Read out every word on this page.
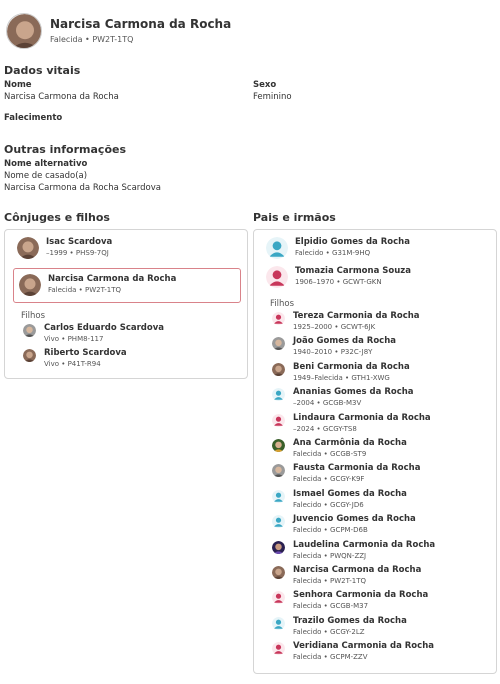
Narcisa Carmona da Rocha
Falecida • PW2T-1TQ
Dados vitais
Nome
Narcisa Carmona da Rocha
Sexo
Feminino
Falecimento
Outras informações
Nome alternativo
Nome de casado(a)
Narcisa Carmona da Rocha Scardova
Cônjuges e filhos
Isac Scardova
–1999 • PHS9-7QJ
Narcisa Carmona da Rocha
Falecida • PW2T-1TQ
Filhos
Carlos Eduardo Scardova
Vivo • PHM8-117
Riberto Scardova
Vivo • P41T-R94
Pais e irmãos
Elpidio Gomes da Rocha
Falecido • G31M-9HQ
Tomazia Carmona Souza
1906–1970 • GCWT-GKN
Filhos
Tereza Carmonia da Rocha
1925–2000 • GCWT-6JK
João Gomes da Rocha
1940–2010 • P32C-J8Y
Beni Carmonia da Rocha
1949–Falecida • GTH1-XWG
Ananias Gomes da Rocha
–2004 • GCGB-M3V
Lindaura Carmonia da Rocha
–2024 • GCGY-TS8
Ana Carmônia da Rocha
Falecida • GCGB-ST9
Fausta Carmonia da Rocha
Falecida • GCGY-K9F
Ismael Gomes da Rocha
Falecido • GCGY-JD6
Juvencio Gomes da Rocha
Falecido • GCPM-D6B
Laudelina Carmonia da Rocha
Falecida • PWQN-ZZJ
Narcisa Carmona da Rocha
Falecida • PW2T-1TQ
Senhora Carmonia da Rocha
Falecida • GCGB-M37
Trazilo Gomes da Rocha
Falecido • GCGY-2LZ
Veridiana Carmonia da Rocha
Falecida • GCPM-ZZV
